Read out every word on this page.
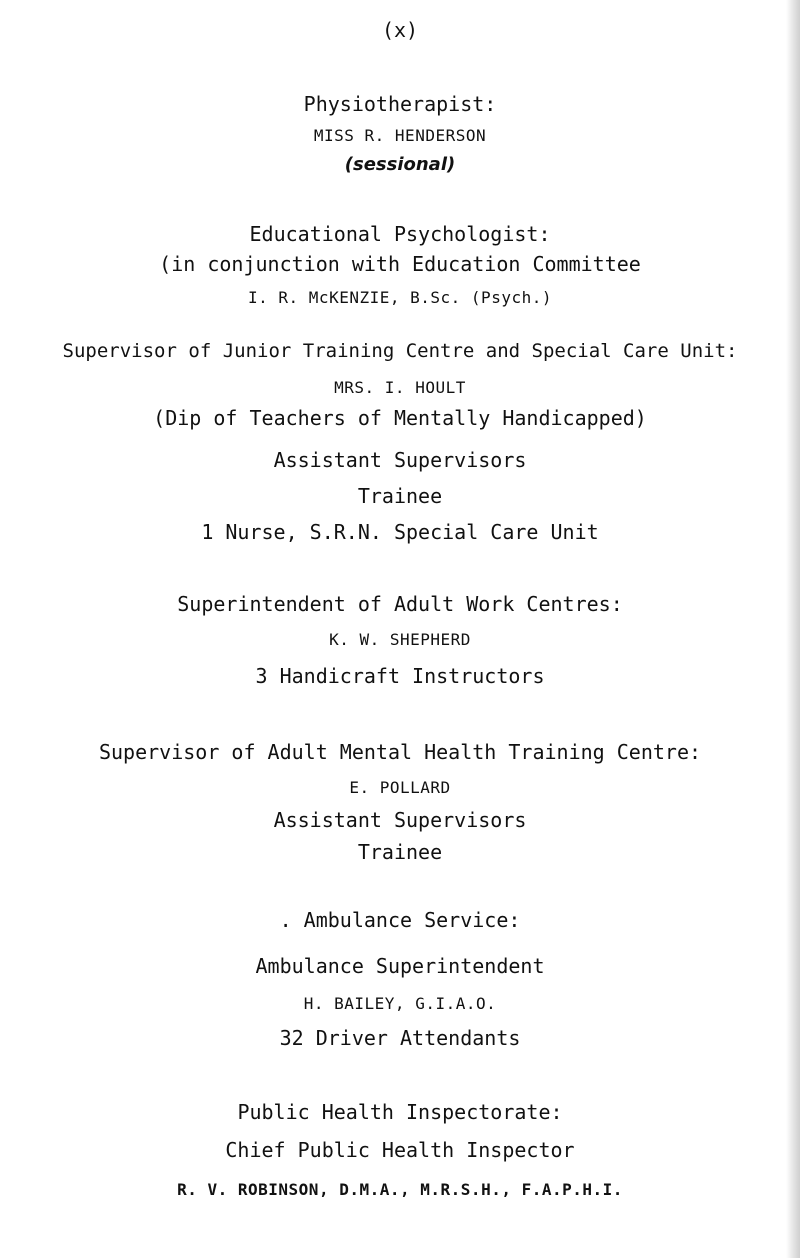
(x)
Physiotherapist:
MISS R. HENDERSON
(sessional)
Educational Psychologist:
(in conjunction with Education Committee
I. R. McKENZIE, B.Sc. (Psych.)
Supervisor of Junior Training Centre and Special Care Unit:
MRS. I. HOULT
(Dip of Teachers of Mentally Handicapped)
Assistant Supervisors
Trainee
1 Nurse, S.R.N. Special Care Unit
Superintendent of Adult Work Centres:
K. W. SHEPHERD
3 Handicraft Instructors
Supervisor of Adult Mental Health Training Centre:
E. POLLARD
Assistant Supervisors
Trainee
. Ambulance Service:
Ambulance Superintendent
H. BAILEY, G.I.A.O.
32 Driver Attendants
Public Health Inspectorate:
Chief Public Health Inspector
R. V. ROBINSON, D.M.A., M.R.S.H., F.A.P.H.I.
